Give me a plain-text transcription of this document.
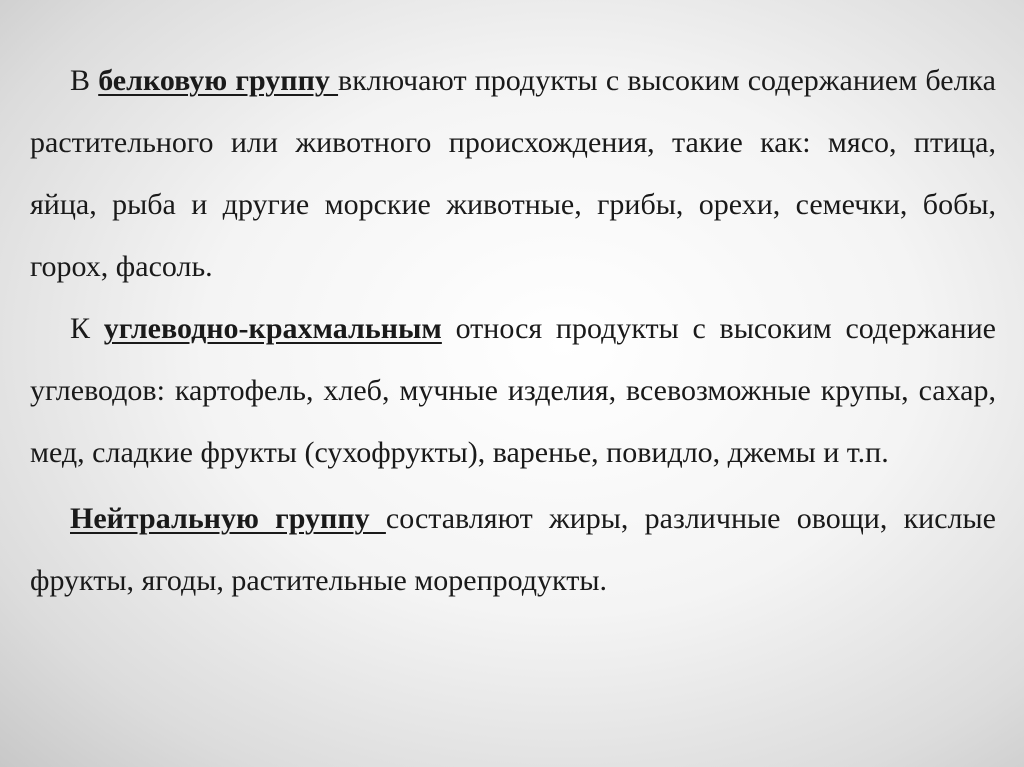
В белковую группу включают продукты с высоким содержанием белка растительного или животного происхождения, такие как: мясо, птица, яйца, рыба и другие морские животные, грибы, орехи, семечки, бобы, горох, фасоль.

К углеводно-крахмальным относя продукты с высоким содержание углеводов: картофель, хлеб, мучные изделия, всевозможные крупы, сахар, мед, сладкие фрукты (сухофрукты), варенье, повидло, джемы и т.п.

Нейтральную группу составляют жиры, различные овощи, кислые фрукты, ягоды, растительные морепродукты.
